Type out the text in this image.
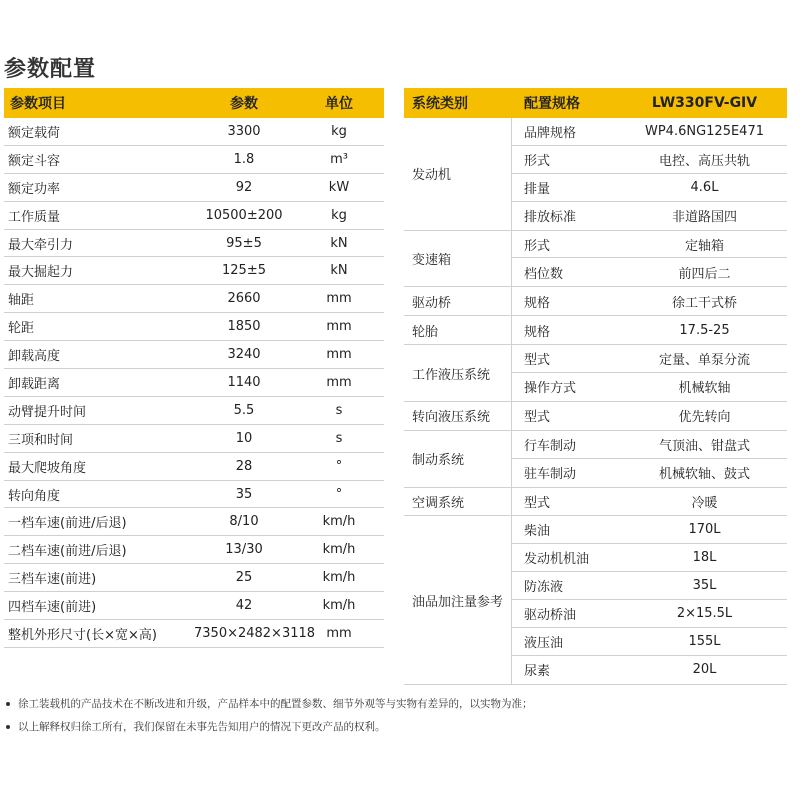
参数配置
参数项目	参数	单位
额定载荷	3300	kg
额定斗容	1.8	m³
额定功率	92	kW
工作质量	10500±200	kg
最大牵引力	95±5	kN
最大掘起力	125±5	kN
轴距	2660	mm
轮距	1850	mm
卸载高度	3240	mm
卸载距离	1140	mm
动臂提升时间	5.5	s
三项和时间	10	s
最大爬坡角度	28	°
转向角度	35	°
一档车速(前进/后退)	8/10	km/h
二档车速(前进/后退)	13/30	km/h
三档车速(前进)	25	km/h
四档车速(前进)	42	km/h
整机外形尺寸(长×宽×高)	7350×2482×3118 mm
系统类别	配置规格	LW330FV-GIV
发动机
品牌规格	WP4.6NG125E471
形式	电控、高压共轨
排量	4.6L
排放标准	非道路国四
变速箱
形式	定轴箱
档位数	前四后二
驱动桥	规格	徐工干式桥
轮胎	规格	17.5-25
工作液压系统
型式	定量、单泵分流
操作方式	机械软轴
转向液压系统	型式	优先转向
制动系统
行车制动	气顶油、钳盘式
驻车制动	机械软轴、鼓式
空调系统	型式	冷暖
油品加注量参考
柴油	170L
发动机机油	18L
防冻液	35L
驱动桥油	2×15.5L
液压油	155L
尿素	20L
徐工装载机的产品技术在不断改进和升级，产品样本中的配置参数、细节外观等与实物有差异的，以实物为准；
以上解释权归徐工所有，我们保留在未事先告知用户的情况下更改产品的权利。
